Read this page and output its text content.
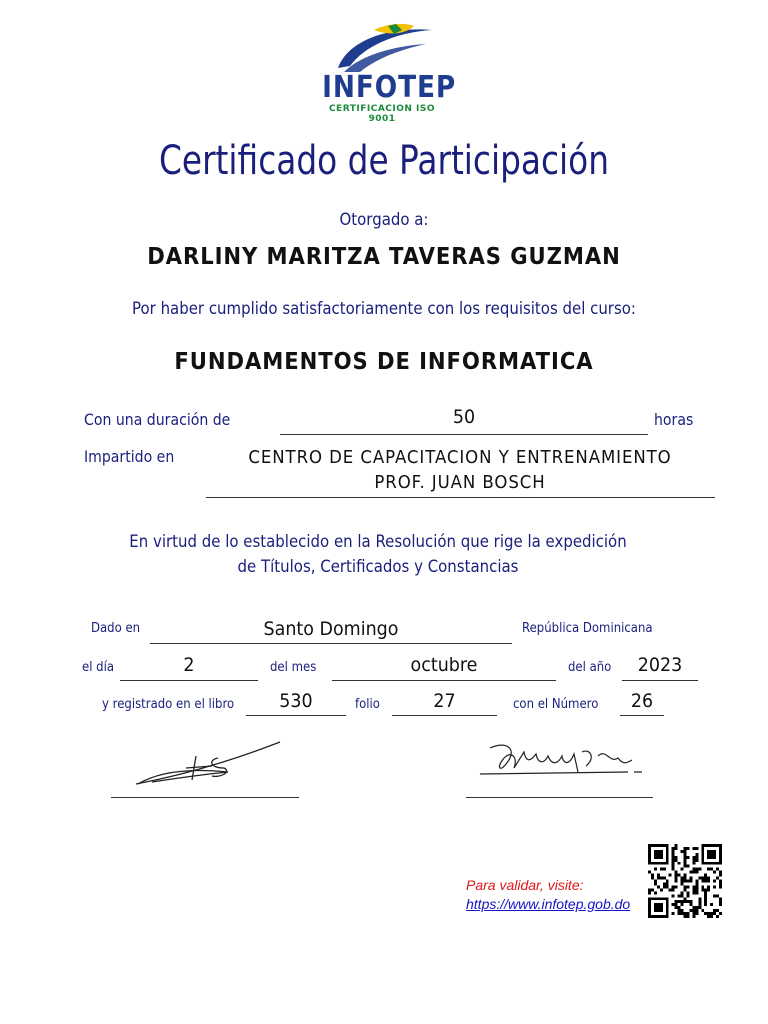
INFOTEP
CERTIFICACION ISO 9001
Certificado de Participación
Otorgado a:
DARLINY MARITZA TAVERAS GUZMAN
Por haber cumplido satisfactoriamente con los requisitos del curso:
FUNDAMENTOS DE INFORMATICA
Con una duración de	50	horas
Impartido en	CENTRO DE CAPACITACION Y ENTRENAMIENTO
PROF. JUAN BOSCH
En virtud de lo establecido en la Resolución que rige la expedición
de Títulos, Certificados y Constancias
Dado en	Santo Domingo	República Dominicana
el día	2	del mes	octubre	del año	2023
y registrado en el libro	530	folio	27	con el Número	26
Para validar, visite:
https://www.infotep.gob.do
